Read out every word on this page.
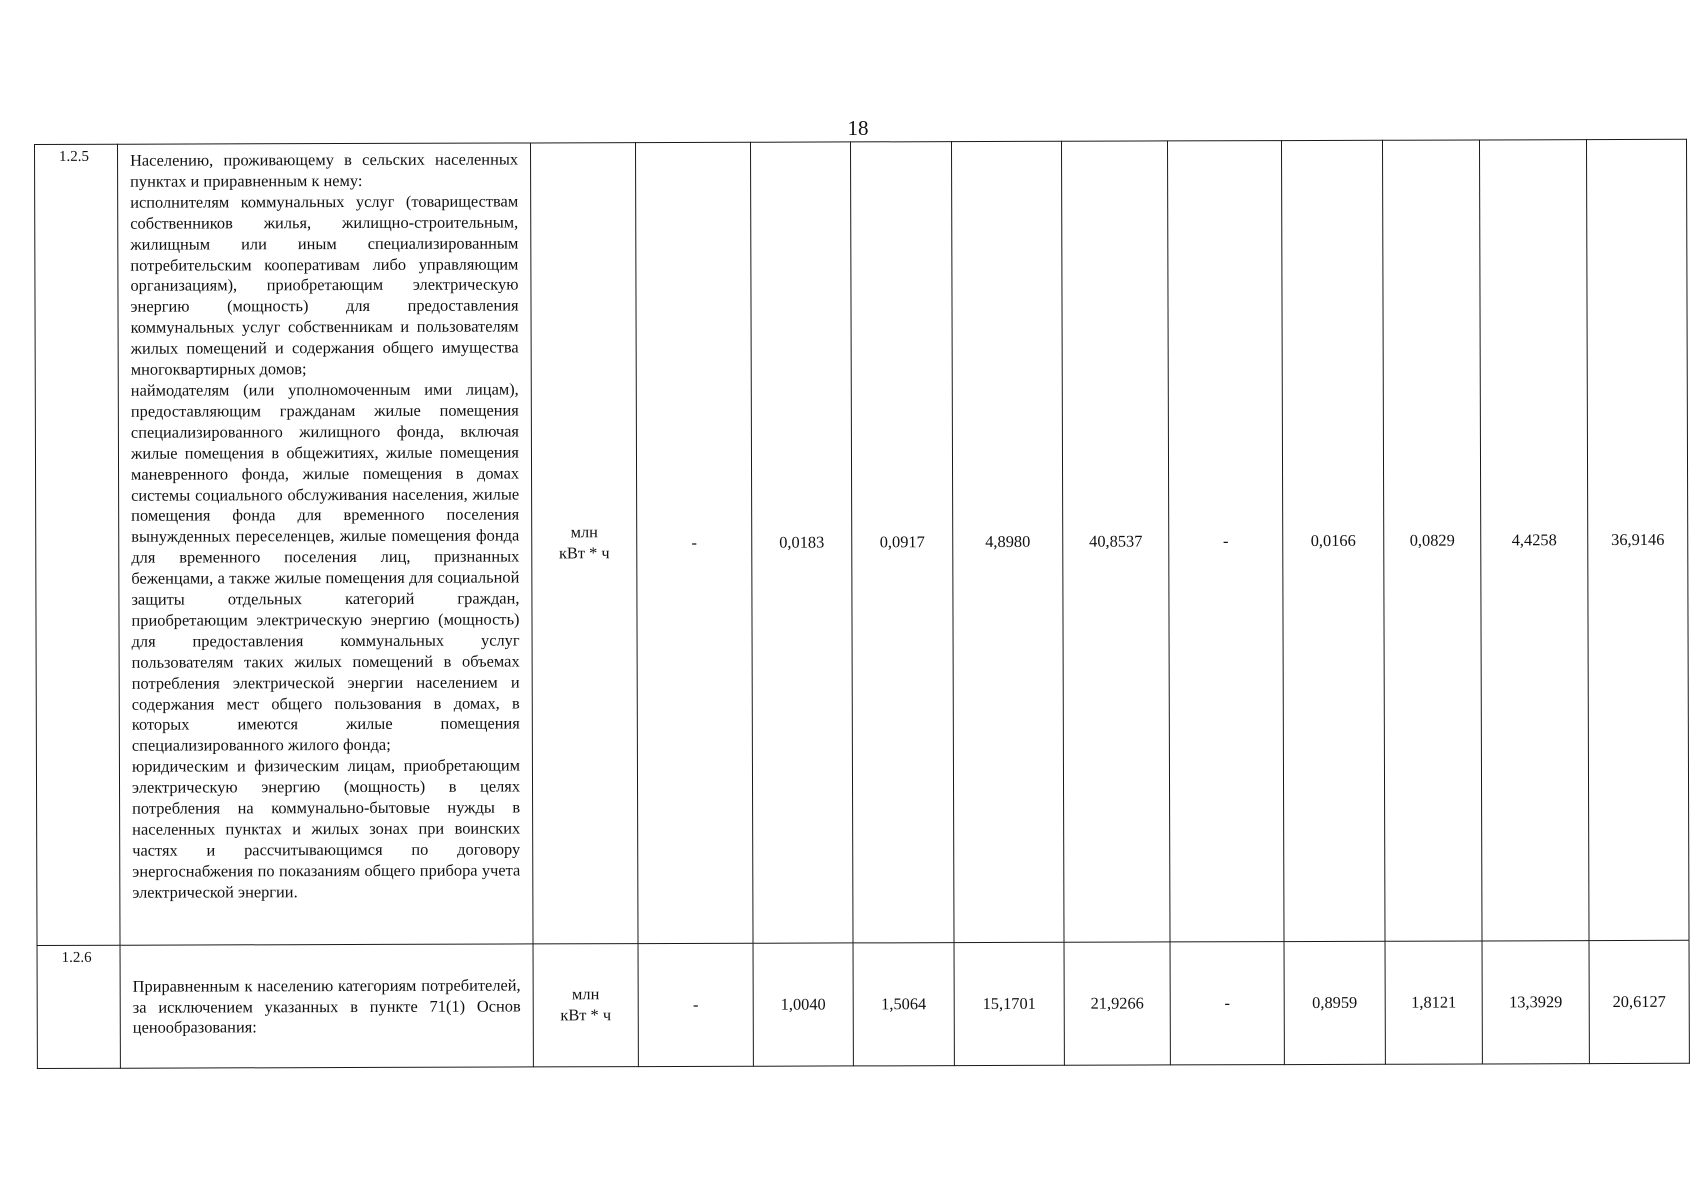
18
1.2.5	Населению, проживающему в сельских населенных пунктах и приравненным к нему:
исполнителям коммунальных услуг (товариществам собственников жилья, жилищно-строительным, жилищным или иным специализированным потребительским кооперативам либо управляющим организациям), приобретающим электрическую энергию (мощность) для предоставления коммунальных услуг собственникам и пользователям жилых помещений и содержания общего имущества многоквартирных домов;
наймодателям (или уполномоченным ими лицам), предоставляющим гражданам жилые помещения специализированного жилищного фонда, включая жилые помещения в общежитиях, жилые помещения маневренного фонда, жилые помещения в домах системы социального обслуживания населения, жилые помещения фонда для временного поселения вынужденных переселенцев, жилые помещения фонда для временного поселения лиц, признанных беженцами, а также жилые помещения для социальной защиты отдельных категорий граждан, приобретающим электрическую энергию (мощность) для предоставления коммунальных услуг пользователям таких жилых помещений в объемах потребления электрической энергии населением и содержания мест общего пользования в домах, в которых имеются жилые помещения специализированного жилого фонда;
юридическим и физическим лицам, приобретающим электрическую энергию (мощность) в целях потребления на коммунально-бытовые нужды в населенных пунктах и жилых зонах при воинских частях и рассчитывающимся по договору энергоснабжения по показаниям общего прибора учета электрической энергии.	млн
кВт * ч	-	0,0183	0,0917	4,8980	40,8537	-	0,0166	0,0829	4,4258	36,9146
1.2.6	Приравненным к населению категориям потребителей, за исключением указанных в пункте 71(1) Основ ценообразования:	млн
кВт * ч	-	1,0040	1,5064	15,1701	21,9266	-	0,8959	1,8121	13,3929	20,6127
